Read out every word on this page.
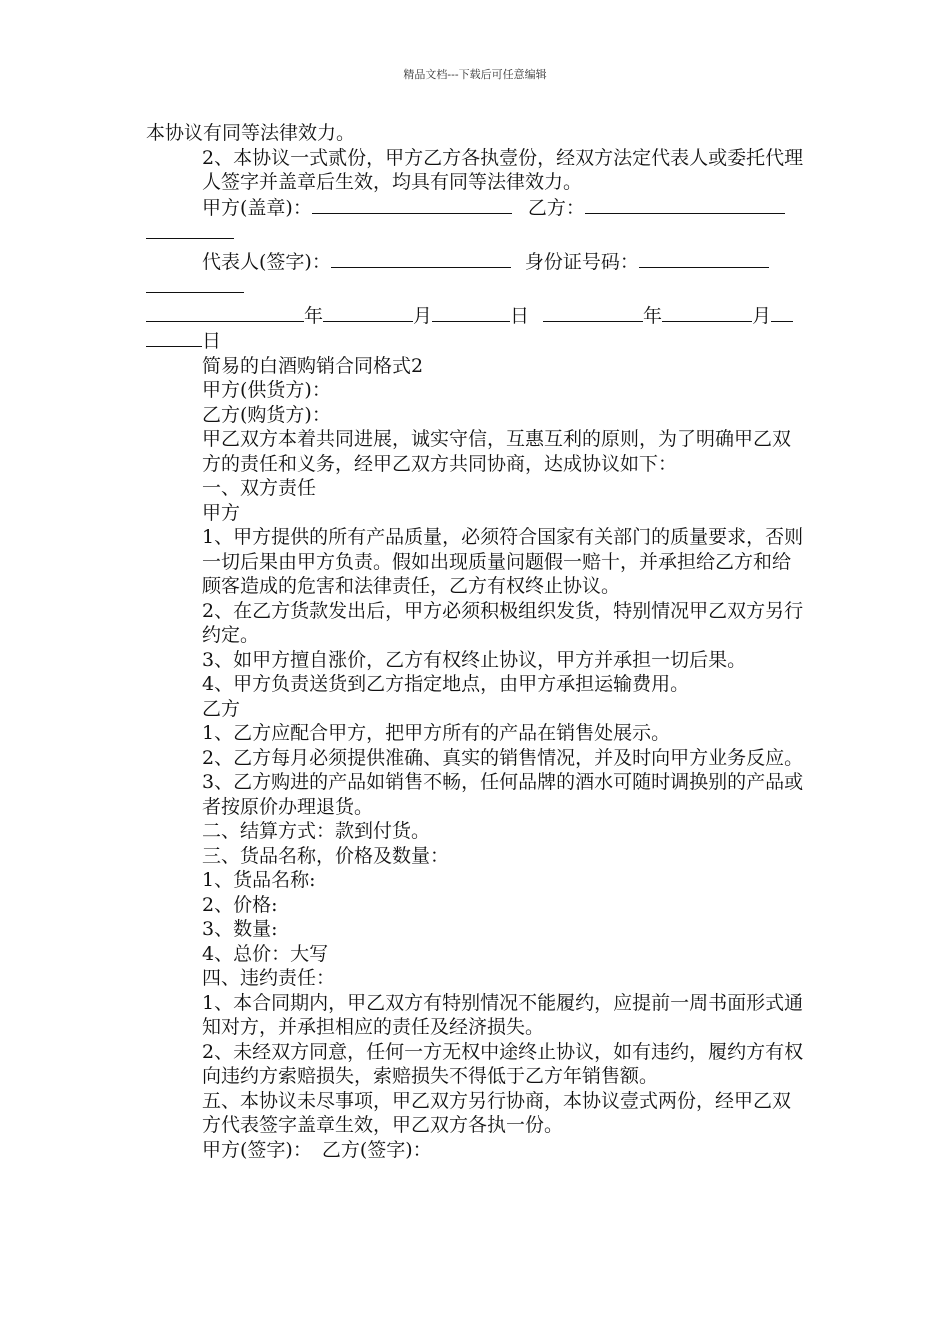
精品文档---下载后可任意编辑

本协议有同等法律效力。

2、本协议一式贰份，甲方乙方各执壹份，经双方法定代表人或委托代理人签字并盖章后生效，均具有同等法律效力。

甲方(盖章)：	乙方：

代表人(签字)：	身份证号码：

年	月	日	年	月

日

简易的白酒购销合同格式2

甲方(供货方)：

乙方(购货方)：

甲乙双方本着共同进展，诚实守信，互惠互利的原则，为了明确甲乙双方的责任和义务，经甲乙双方共同协商，达成协议如下：

一、双方责任

甲方

1、甲方提供的所有产品质量，必须符合国家有关部门的质量要求，否则一切后果由甲方负责。假如出现质量问题假一赔十，并承担给乙方和给顾客造成的危害和法律责任，乙方有权终止协议。

2、在乙方货款发出后，甲方必须积极组织发货，特别情况甲乙双方另行约定。

3、如甲方擅自涨价，乙方有权终止协议，甲方并承担一切后果。

4、甲方负责送货到乙方指定地点，由甲方承担运输费用。

乙方

1、乙方应配合甲方，把甲方所有的产品在销售处展示。

2、乙方每月必须提供准确、真实的销售情况，并及时向甲方业务反应。

3、乙方购进的产品如销售不畅，任何品牌的酒水可随时调换别的产品或者按原价办理退货。

二、结算方式：款到付货。

三、货品名称，价格及数量：

1、货品名称:

2、价格:

3、数量:

4、总价：大写

四、违约责任：

1、本合同期内，甲乙双方有特别情况不能履约，应提前一周书面形式通知对方，并承担相应的责任及经济损失。

2、未经双方同意，任何一方无权中途终止协议，如有违约，履约方有权向违约方索赔损失，索赔损失不得低于乙方年销售额。

五、本协议未尽事项，甲乙双方另行协商，本协议壹式两份，经甲乙双方代表签字盖章生效，甲乙双方各执一份。

甲方(签字)： 乙方(签字)：
